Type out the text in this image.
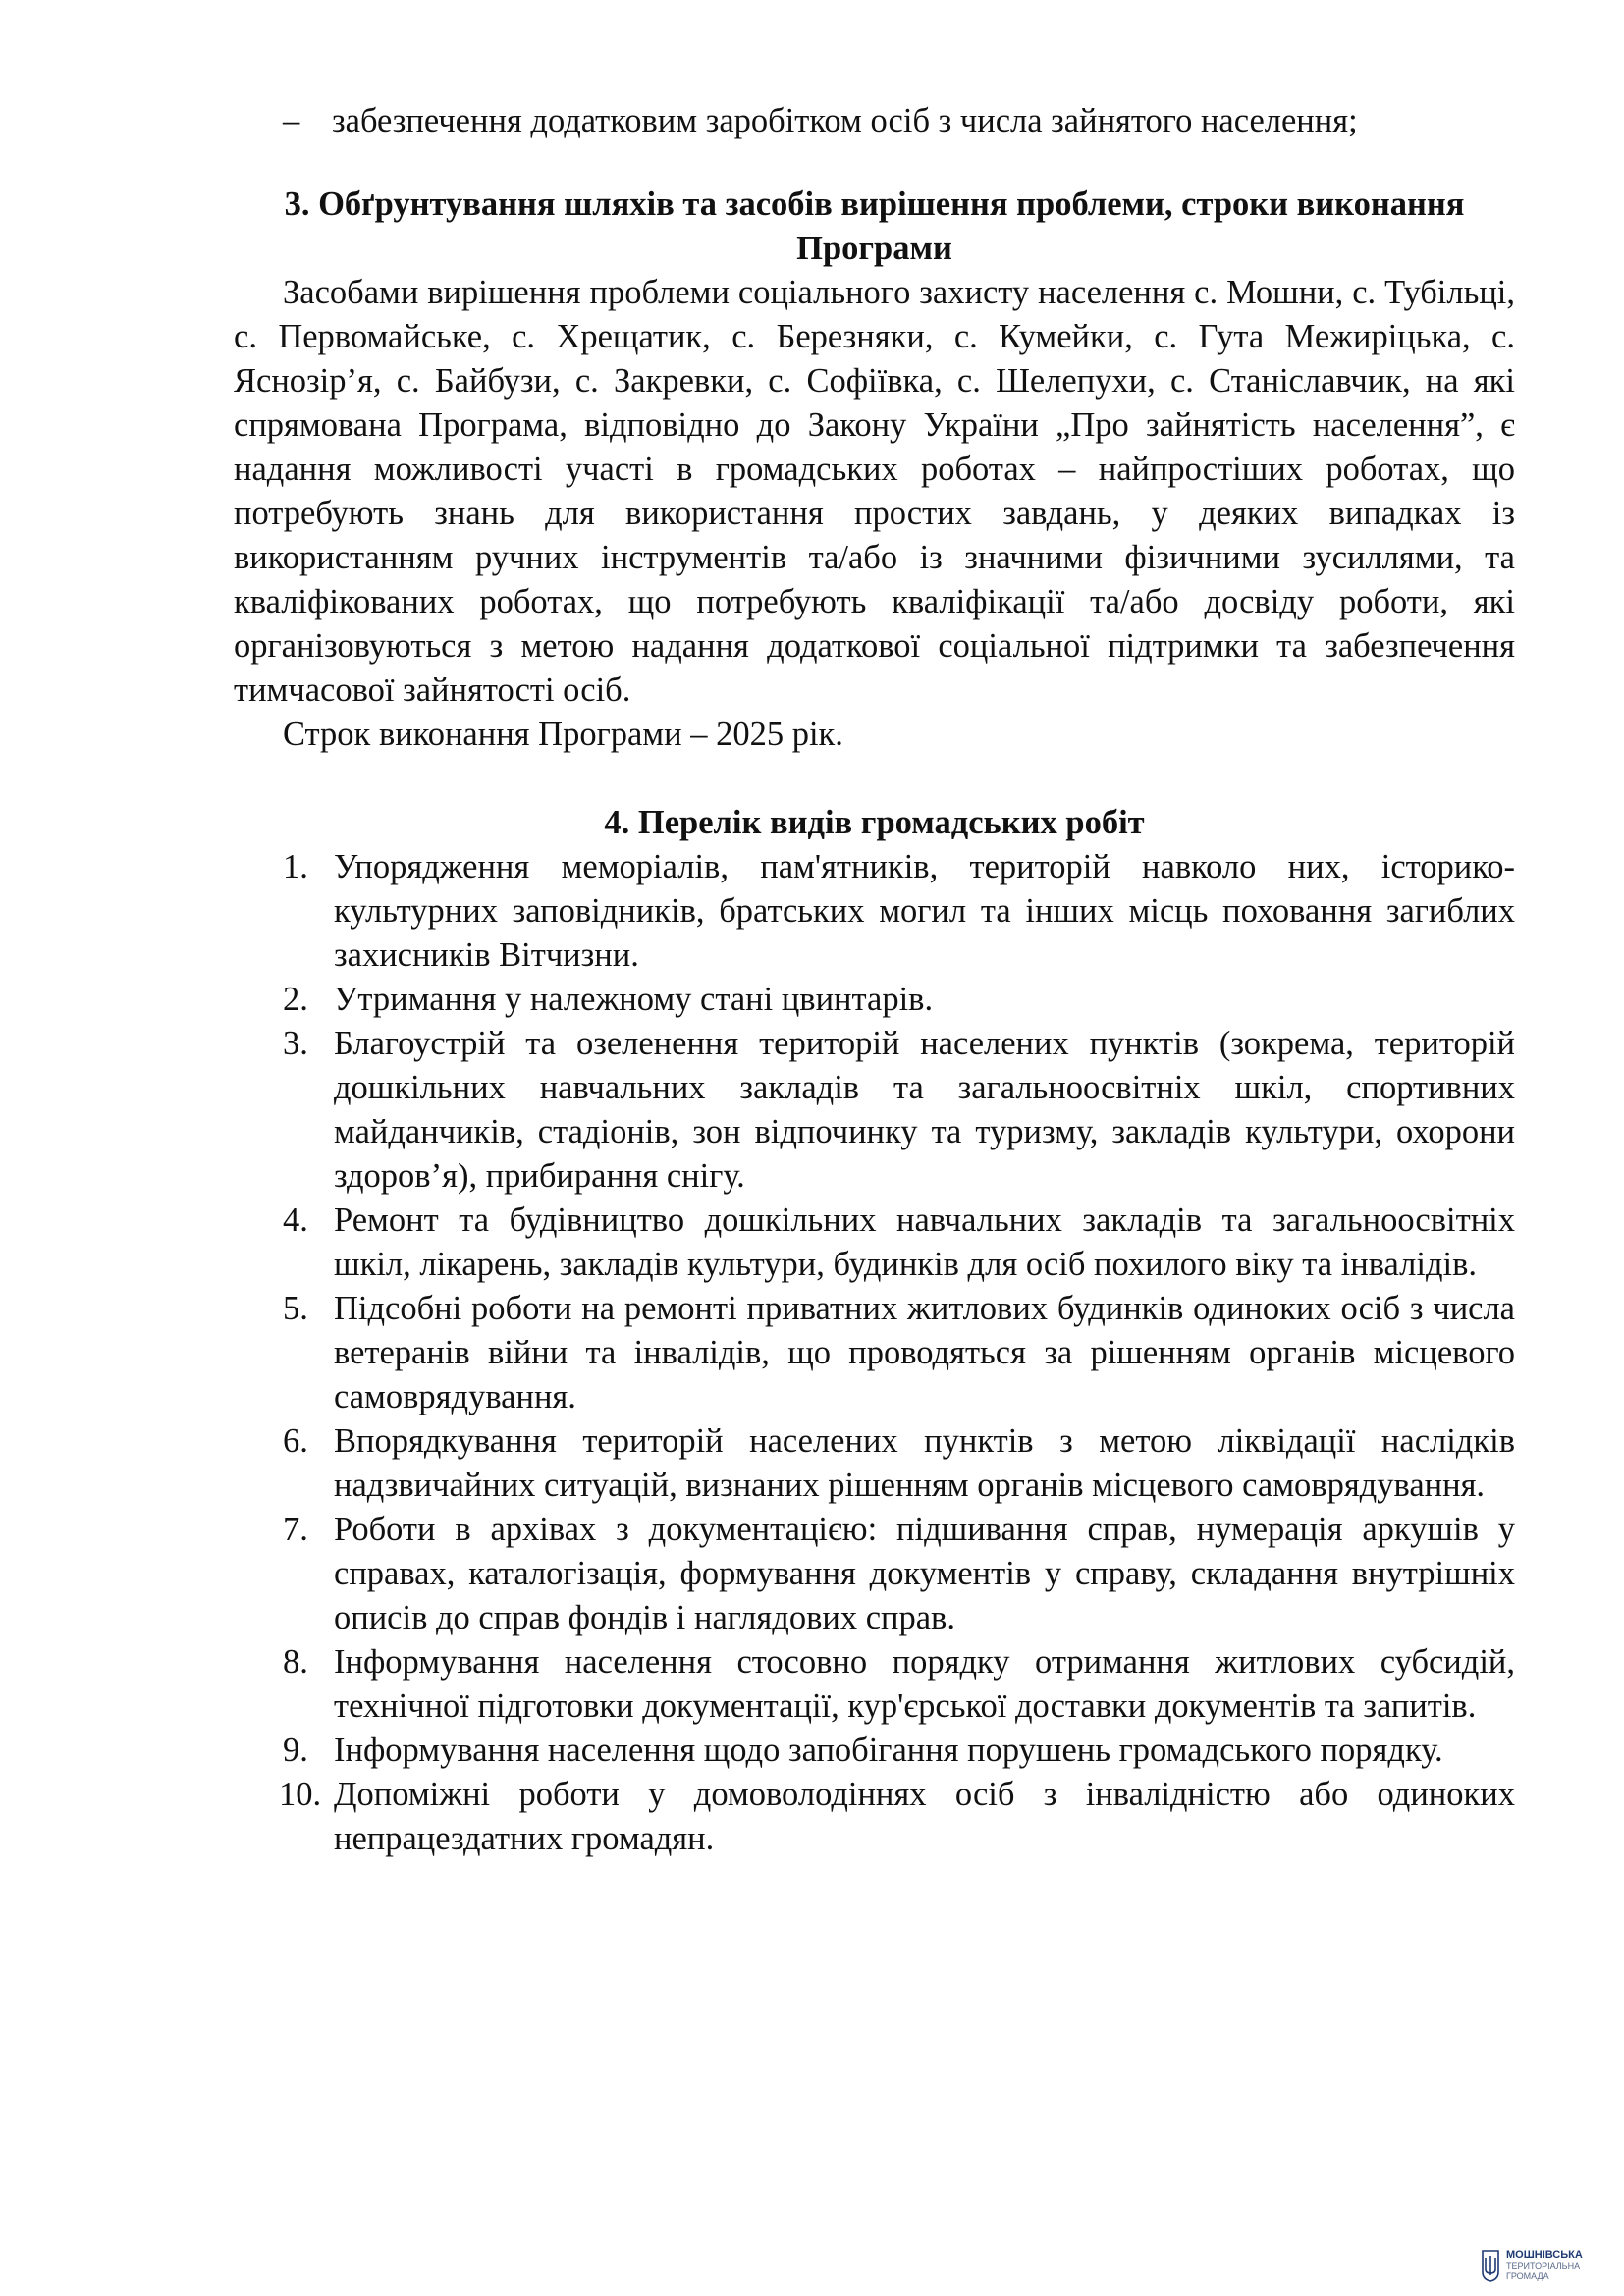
– забезпечення додатковим заробітком осіб з числа зайнятого населення;
3. Обґрунтування шляхів та засобів вирішення проблеми, строки виконання Програми
Засобами вирішення проблеми соціального захисту населення с. Мошни, с. Тубільці, с. Первомайське, с. Хрещатик, с. Березняки, с. Кумейки, с. Гута Межиріцька, с. Яснозір’я, с. Байбузи, с. Закревки, с. Софіївка, с. Шелепухи, с. Станіславчик, на які спрямована Програма, відповідно до Закону України „Про зайнятість населення”, є надання можливості участі в громадських роботах – найпростіших роботах, що потребують знань для використання простих завдань, у деяких випадках із використанням ручних інструментів та/або із значними фізичними зусиллями, та кваліфікованих роботах, що потребують кваліфікації та/або досвіду роботи, які організовуються з метою надання додаткової соціальної підтримки та забезпечення тимчасової зайнятості осіб.
Строк виконання Програми – 2025 рік.
4. Перелік видів громадських робіт
1. Упорядження меморіалів, пам'ятників, територій навколо них, історико-культурних заповідників, братських могил та інших місць поховання загиблих захисників Вітчизни.
2. Утримання у належному стані цвинтарів.
3. Благоустрій та озеленення територій населених пунктів (зокрема, територій дошкільних навчальних закладів та загальноосвітніх шкіл, спортивних майданчиків, стадіонів, зон відпочинку та туризму, закладів культури, охорони здоров’я), прибирання снігу.
4. Ремонт та будівництво дошкільних навчальних закладів та загальноосвітніх шкіл, лікарень, закладів культури, будинків для осіб похилого віку та інвалідів.
5. Підсобні роботи на ремонті приватних житлових будинків одиноких осіб з числа ветеранів війни та інвалідів, що проводяться за рішенням органів місцевого самоврядування.
6. Впорядкування територій населених пунктів з метою ліквідації наслідків надзвичайних ситуацій, визнаних рішенням органів місцевого самоврядування.
7. Роботи в архівах з документацією: підшивання справ, нумерація аркушів у справах, каталогізація, формування документів у справу, складання внутрішніх описів до справ фондів і наглядових справ.
8. Інформування населення стосовно порядку отримання житлових субсидій, технічної підготовки документації, кур'єрської доставки документів та запитів.
9. Інформування населення щодо запобігання порушень громадського порядку.
10. Допоміжні роботи у домоволодіннях осіб з інвалідністю або одиноких непрацездатних громадян.
МОШНІВСЬКА
ТЕРИТОРІАЛЬНА
ГРОМАДА
